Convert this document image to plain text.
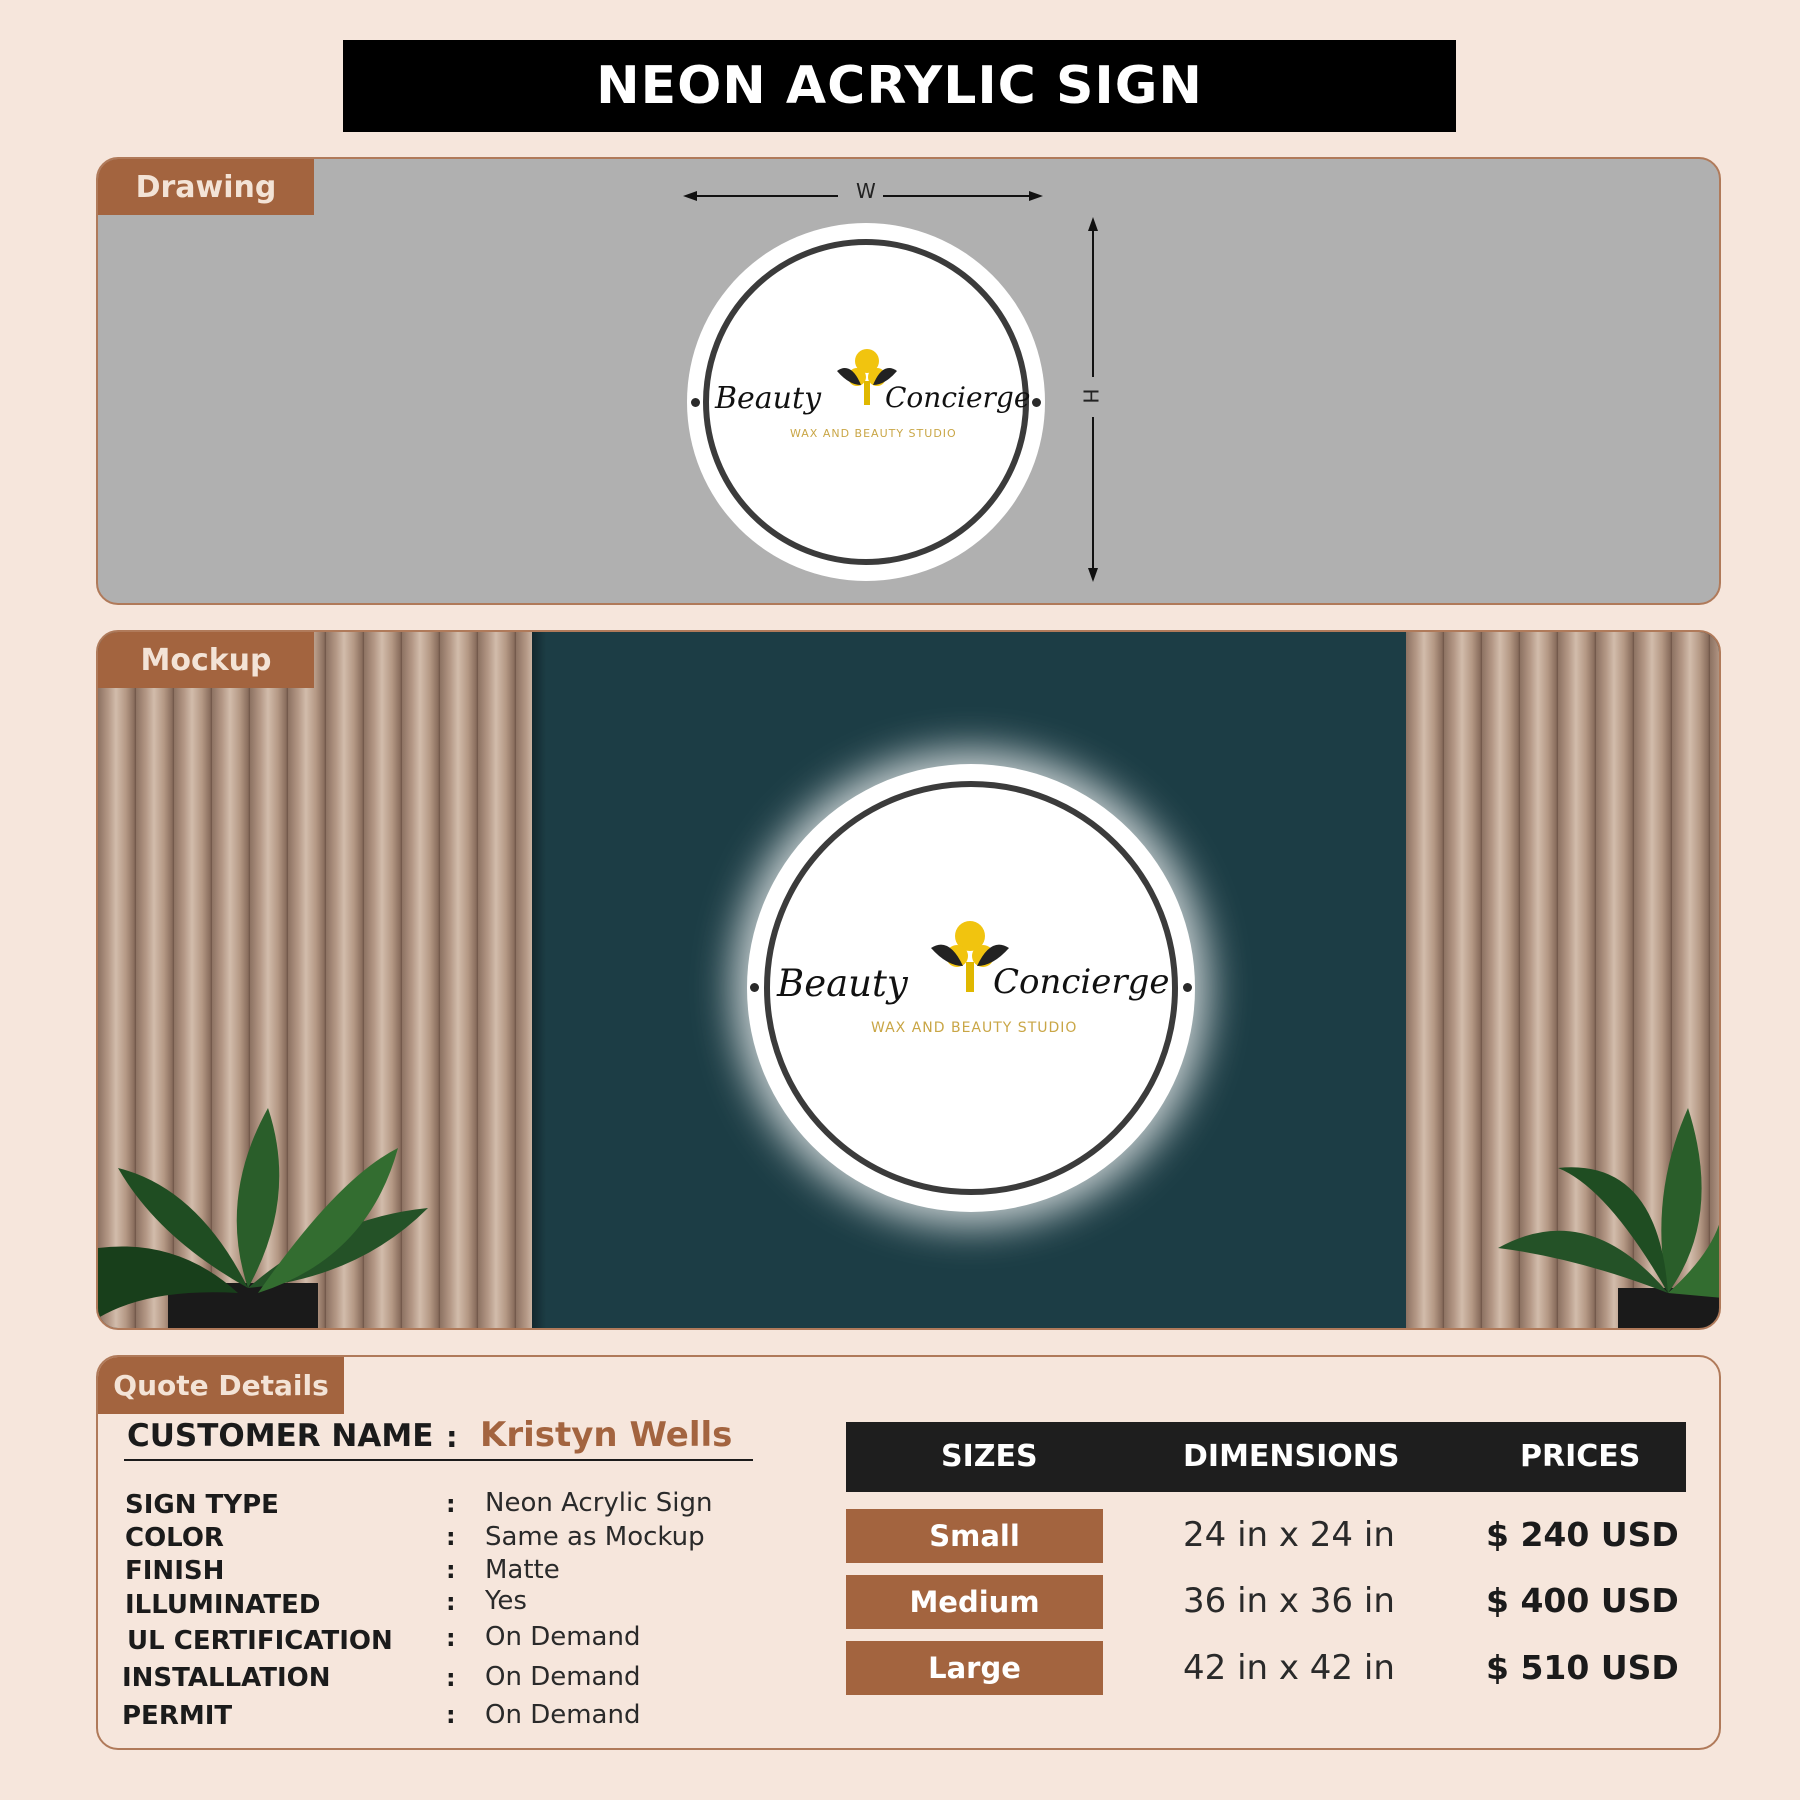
NEON ACRYLIC SIGN
Drawing	W
H
Beauty Concierge
WAX AND BEAUTY STUDIO
Mockup
Beauty	Concierge
WAX AND BEAUTY STUDIO
Quote Details
CUSTOMER NAME : Kristyn Wells
SIGN TYPE	: Neon Acrylic Sign
COLOR	: Same as Mockup
FINISH	: Matte
ILLUMINATED	: Yes
UL CERTIFICATION : On Demand
INSTALLATION	: On Demand
PERMIT	: On Demand
SIZES	DIMENSIONS	PRICES
Small	24 in x 24 in	$ 240 USD
Medium	36 in x 36 in	$ 400 USD
Large	42 in x 42 in	$ 510 USD
